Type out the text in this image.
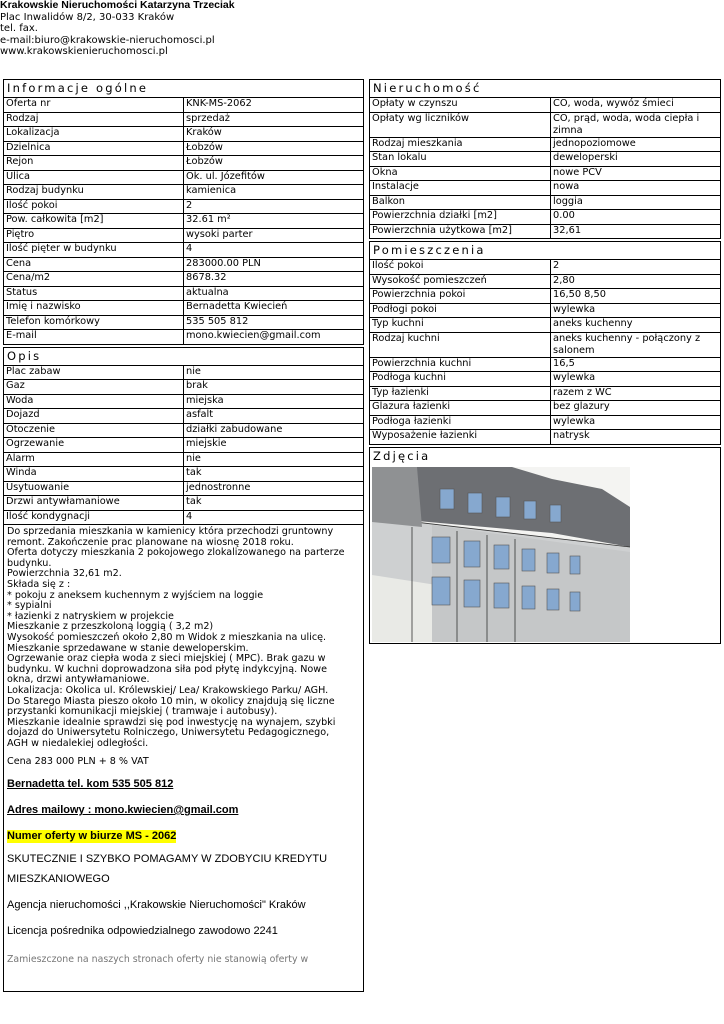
Krakowskie Nieruchomości Katarzyna Trzeciak
Plac Inwalidów 8/2, 30-033 Kraków
tel. fax.
e-mail:biuro@krakowskie-nieruchomosci.pl
www.krakowskienieruchomosci.pl
Informacje ogólne
Oferta nr	KNK-MS-2062
Rodzaj	sprzedaż
Lokalizacja	Kraków
Dzielnica	Łobzów
Rejon	Łobzów
Ulica	Ok. ul. Józefitów
Rodzaj budynku	kamienica
Ilość pokoi	2
Pow. całkowita [m2]	32.61 m²
Piętro	wysoki parter
Ilość pięter w budynku	4
Cena	283000.00 PLN
Cena/m2	8678.32
Status	aktualna
Imię i nazwisko	Bernadetta Kwiecień
Telefon komórkowy	535 505 812
E-mail	mono.kwiecien@gmail.com
Opis
Plac zabaw	nie
Gaz	brak
Woda	miejska
Dojazd	asfalt
Otoczenie	działki zabudowane
Ogrzewanie	miejskie
Alarm	nie
Winda	tak
Usytuowanie	jednostronne
Drzwi antywłamaniowe	tak
Ilość kondygnacji	4

Do sprzedania mieszkania w kamienicy która przechodzi gruntowny

remont. Zakończenie prac planowane na wiosnę 2018 roku.

Oferta dotyczy mieszkania 2 pokojowego zlokalizowanego na parterze

budynku.

Powierzchnia 32,61 m2.

Składa się z :

* pokoju z aneksem kuchennym z wyjściem na loggie

* sypialni

* łazienki z natryskiem w projekcie

Mieszkanie z przeszkoloną loggią ( 3,2 m2)

Wysokość pomieszczeń około 2,80 m Widok z mieszkania na ulicę.

Mieszkanie sprzedawane w stanie deweloperskim.

Ogrzewanie oraz ciepła woda z sieci miejskiej ( MPC). Brak gazu w

budynku. W kuchni doprowadzona siła pod płytę indykcyjną. Nowe

okna, drzwi antywłamaniowe.

Lokalizacja: Okolica ul. Królewskiej/ Lea/ Krakowskiego Parku/ AGH.

Do Starego Miasta pieszo około 10 min, w okolicy znajdują się liczne

przystanki komunikacji miejskiej ( tramwaje i autobusy).

Mieszkanie idealnie sprawdzi się pod inwestycję na wynajem, szybki

dojazd do Uniwersytetu Rolniczego, Uniwersytetu Pedagogicznego,

AGH w niedalekiej odległości.

Cena 283 000 PLN + 8 % VAT

Bernadetta tel. kom 535 505 812

Adres mailowy : mono.kwiecien@gmail.com

Numer oferty w biurze MS - 2062

SKUTECZNIE I SZYBKO POMAGAMY W ZDOBYCIU KREDYTU

MIESZKANIOWEGO

Agencja nieruchomości ,,Krakowskie Nieruchomości" Kraków

Licencja pośrednika odpowiedzialnego zawodowo 2241

Zamieszczone na naszych stronach oferty nie stanowią oferty w

Nieruchomość
Opłaty w czynszu	CO, woda, wywóz śmieci
Opłaty wg liczników	CO, prąd, woda, woda ciepła i zimna
Rodzaj mieszkania	jednopoziomowe
Stan lokalu	deweloperski
Okna	nowe PCV
Instalacje	nowa
Balkon	loggia
Powierzchnia działki [m2]	0.00
Powierzchnia użytkowa [m2]	32,61
Pomieszczenia
Ilość pokoi	2
Wysokość pomieszczeń	2,80
Powierzchnia pokoi	16,50 8,50
Podłogi pokoi	wylewka
Typ kuchni	aneks kuchenny
Rodzaj kuchni	aneks kuchenny - połączony z salonem
Powierzchnia kuchni	16,5
Podłoga kuchni	wylewka
Typ łazienki	razem z WC
Glazura łazienki	bez glazury
Podłoga łazienki	wylewka
Wyposażenie łazienki	natrysk
Zdjęcia
